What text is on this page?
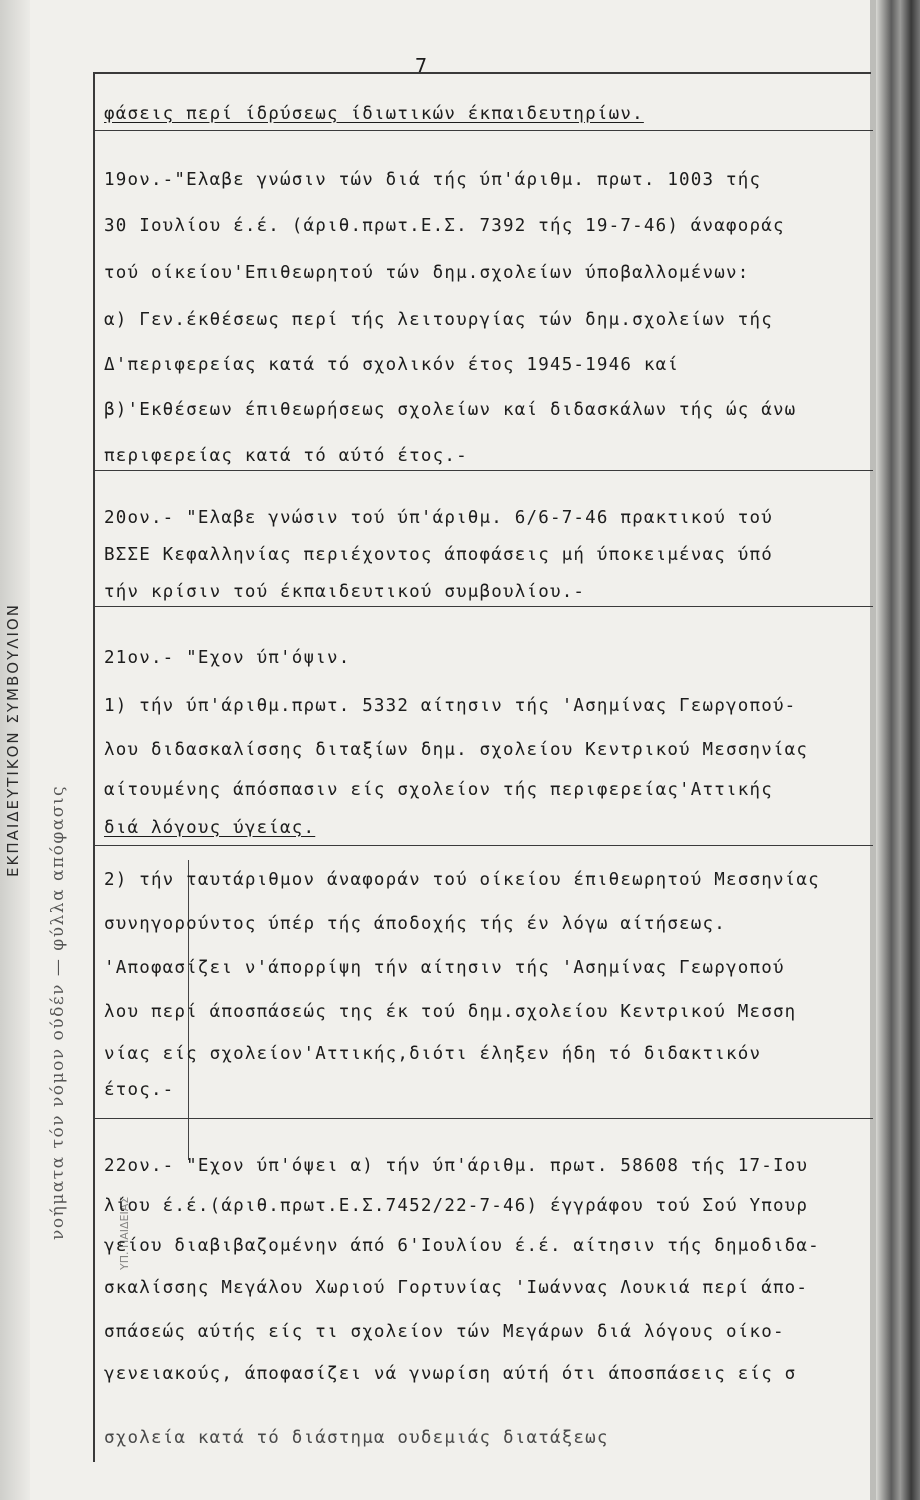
ΕΚΠΑΙΔΕΥΤΙΚΟΝ ΣΥΜΒΟΥΛΙΟΝ
νοήματα τόν νόμον ούδέν — φύλλα απόφασις	ΥΠ. ΠΑΙΔΕΙΑΣ
7
φάσεις περί ίδρύσεως ίδιωτικών έκπαιδευτηρίων.
19ον.-"Ελαβε γνώσιν τών διά τής ύπ'άριθμ. πρωτ. 1003 τής
30 Ιουλίου έ.έ. (άριθ.πρωτ.Ε.Σ. 7392 τής 19-7-46) άναφοράς
τού οίκείου'Επιθεωρητού τών δημ.σχολείων ύποβαλλομένων:
α) Γεν.έκθέσεως περί τής λειτουργίας τών δημ.σχολείων τής
Δ'περιφερείας κατά τό σχολικόν έτος 1945-1946 καί
β)'Εκθέσεων έπιθεωρήσεως σχολείων καί διδασκάλων τής ώς άνω
περιφερείας κατά τό αύτό έτος.-
20ον.- "Ελαβε γνώσιν τού ύπ'άριθμ. 6/6-7-46 πρακτικού τού
ΒΣΣΕ Κεφαλληνίας περιέχοντος άποφάσεις μή ύποκειμένας ύπό
τήν κρίσιν τού έκπαιδευτικού συμβουλίου.-
21ον.- "Εχον ύπ'όψιν.
1) τήν ύπ'άριθμ.πρωτ. 5332 αίτησιν τής 'Ασημίνας Γεωργοπού-
λου διδασκαλίσσης διταξίων δημ. σχολείου Κεντρικού Μεσσηνίας
αίτουμένης άπόσπασιν είς σχολείον τής περιφερείας'Αττικής
διά λόγους ύγείας.
2) τήν ταυτάριθμον άναφοράν τού οίκείου έπιθεωρητού Μεσσηνίας
συνηγορούντος ύπέρ τής άποδοχής τής έν λόγω αίτήσεως.
'Αποφασίζει ν'άπορρίψη τήν αίτησιν τής 'Ασημίνας Γεωργοπού
λου περί άποσπάσεώς της έκ τού δημ.σχολείου Κεντρικού Μεσση
νίας είς σχολείον'Αττικής,διότι έληξεν ήδη τό διδακτικόν
έτος.-
22ον.- "Εχον ύπ'όψει α) τήν ύπ'άριθμ. πρωτ. 58608 τής 17-Ιου
λίου έ.έ.(άριθ.πρωτ.Ε.Σ.7452/22-7-46) έγγράφου τού Σού Υπουρ
γείου διαβιβαζομένην άπό 6'Ιουλίου έ.έ. αίτησιν τής δημοδιδα-
σκαλίσσης Μεγάλου Χωριού Γορτυνίας 'Ιωάννας Λουκιά περί άπο-
σπάσεώς αύτής είς τι σχολείον τών Μεγάρων διά λόγους οίκο-
γενειακούς, άποφασίζει νά γνωρίση αύτή ότι άποσπάσεις είς σ
σχολεία κατά τό διάστημα ουδεμιάς διατάξεως
